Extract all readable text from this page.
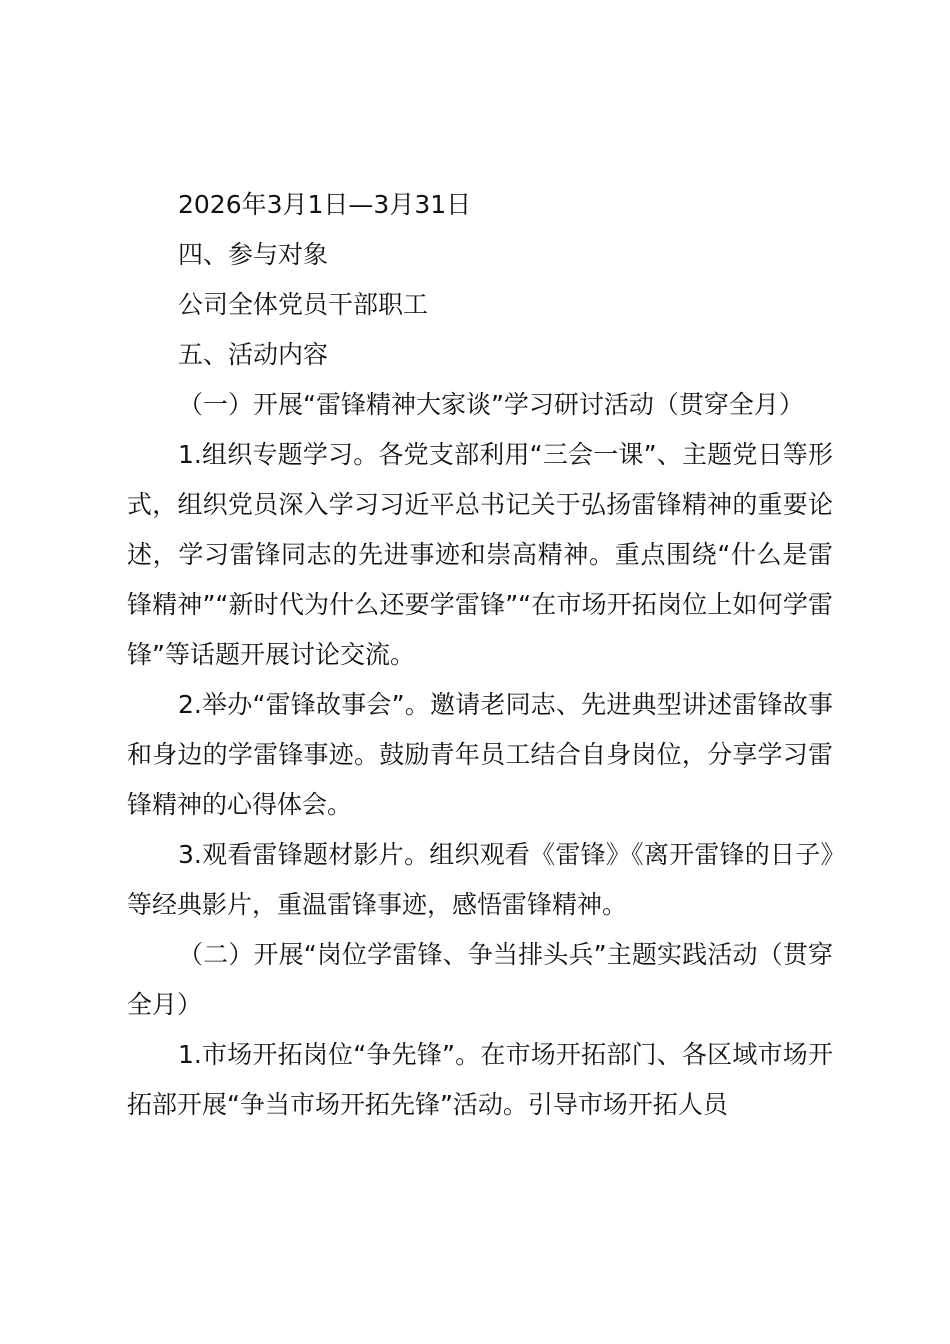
2026年3月1日—3月31日

四、参与对象

公司全体党员干部职工

五、活动内容

（一）开展“雷锋精神大家谈”学习研讨活动（贯穿全月）

1.组织专题学习。各党支部利用“三会一课”、主题党日等形式，组织党员深入学习习近平总书记关于弘扬雷锋精神的重要论述，学习雷锋同志的先进事迹和崇高精神。重点围绕“什么是雷锋精神”“新时代为什么还要学雷锋”“在市场开拓岗位上如何学雷锋”等话题开展讨论交流。

2.举办“雷锋故事会”。邀请老同志、先进典型讲述雷锋故事和身边的学雷锋事迹。鼓励青年员工结合自身岗位，分享学习雷锋精神的心得体会。

3.观看雷锋题材影片。组织观看《雷锋》《离开雷锋的日子》等经典影片，重温雷锋事迹，感悟雷锋精神。

（二）开展“岗位学雷锋、争当排头兵”主题实践活动（贯穿全月）

1.市场开拓岗位“争先锋”。在市场开拓部门、各区域市场开拓部开展“争当市场开拓先锋”活动。引导市场开拓人员
